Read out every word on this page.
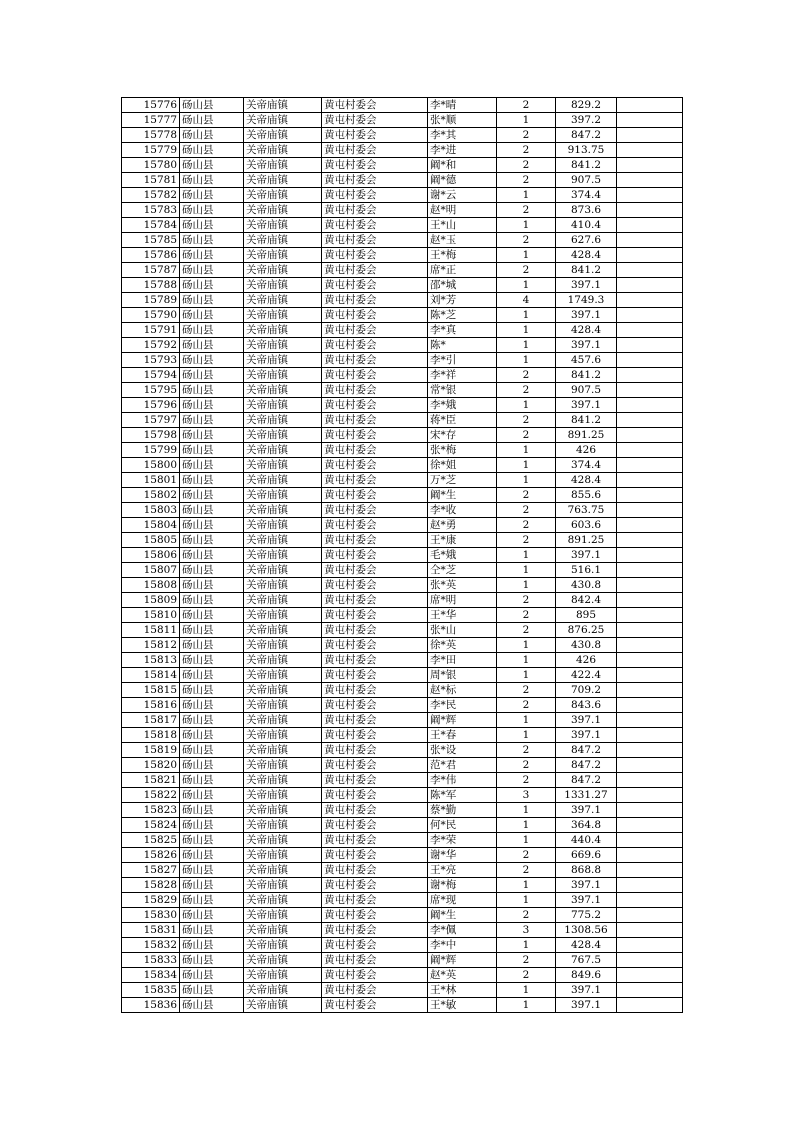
15776	砀山县	关帝庙镇	黄屯村委会	李*晴	2	829.2	
15777	砀山县	关帝庙镇	黄屯村委会	张*顺	1	397.2	
15778	砀山县	关帝庙镇	黄屯村委会	李*其	2	847.2	
15779	砀山县	关帝庙镇	黄屯村委会	李*进	2	913.75	
15780	砀山县	关帝庙镇	黄屯村委会	阚*和	2	841.2	
15781	砀山县	关帝庙镇	黄屯村委会	阚*德	2	907.5	
15782	砀山县	关帝庙镇	黄屯村委会	谢*云	1	374.4	
15783	砀山县	关帝庙镇	黄屯村委会	赵*明	2	873.6	
15784	砀山县	关帝庙镇	黄屯村委会	王*山	1	410.4	
15785	砀山县	关帝庙镇	黄屯村委会	赵*玉	2	627.6	
15786	砀山县	关帝庙镇	黄屯村委会	王*梅	1	428.4	
15787	砀山县	关帝庙镇	黄屯村委会	席*正	2	841.2	
15788	砀山县	关帝庙镇	黄屯村委会	邵*城	1	397.1	
15789	砀山县	关帝庙镇	黄屯村委会	刘*芳	4	1749.3	
15790	砀山县	关帝庙镇	黄屯村委会	陈*芝	1	397.1	
15791	砀山县	关帝庙镇	黄屯村委会	李*真	1	428.4	
15792	砀山县	关帝庙镇	黄屯村委会	陈*	1	397.1	
15793	砀山县	关帝庙镇	黄屯村委会	李*引	1	457.6	
15794	砀山县	关帝庙镇	黄屯村委会	李*祥	2	841.2	
15795	砀山县	关帝庙镇	黄屯村委会	常*银	2	907.5	
15796	砀山县	关帝庙镇	黄屯村委会	李*娥	1	397.1	
15797	砀山县	关帝庙镇	黄屯村委会	蒋*臣	2	841.2	
15798	砀山县	关帝庙镇	黄屯村委会	宋*存	2	891.25	
15799	砀山县	关帝庙镇	黄屯村委会	张*梅	1	426	
15800	砀山县	关帝庙镇	黄屯村委会	徐*姐	1	374.4	
15801	砀山县	关帝庙镇	黄屯村委会	万*芝	1	428.4	
15802	砀山县	关帝庙镇	黄屯村委会	阚*生	2	855.6	
15803	砀山县	关帝庙镇	黄屯村委会	李*收	2	763.75	
15804	砀山县	关帝庙镇	黄屯村委会	赵*勇	2	603.6	
15805	砀山县	关帝庙镇	黄屯村委会	王*康	2	891.25	
15806	砀山县	关帝庙镇	黄屯村委会	毛*娥	1	397.1	
15807	砀山县	关帝庙镇	黄屯村委会	仝*芝	1	516.1	
15808	砀山县	关帝庙镇	黄屯村委会	张*英	1	430.8	
15809	砀山县	关帝庙镇	黄屯村委会	席*明	2	842.4	
15810	砀山县	关帝庙镇	黄屯村委会	王*华	2	895	
15811	砀山县	关帝庙镇	黄屯村委会	张*山	2	876.25	
15812	砀山县	关帝庙镇	黄屯村委会	徐*英	1	430.8	
15813	砀山县	关帝庙镇	黄屯村委会	李*田	1	426	
15814	砀山县	关帝庙镇	黄屯村委会	周*银	1	422.4	
15815	砀山县	关帝庙镇	黄屯村委会	赵*标	2	709.2	
15816	砀山县	关帝庙镇	黄屯村委会	李*民	2	843.6	
15817	砀山县	关帝庙镇	黄屯村委会	阚*辉	1	397.1	
15818	砀山县	关帝庙镇	黄屯村委会	王*春	1	397.1	
15819	砀山县	关帝庙镇	黄屯村委会	张*设	2	847.2	
15820	砀山县	关帝庙镇	黄屯村委会	范*君	2	847.2	
15821	砀山县	关帝庙镇	黄屯村委会	李*伟	2	847.2	
15822	砀山县	关帝庙镇	黄屯村委会	陈*军	3	1331.27	
15823	砀山县	关帝庙镇	黄屯村委会	蔡*勤	1	397.1	
15824	砀山县	关帝庙镇	黄屯村委会	何*民	1	364.8	
15825	砀山县	关帝庙镇	黄屯村委会	李*荣	1	440.4	
15826	砀山县	关帝庙镇	黄屯村委会	谢*华	2	669.6	
15827	砀山县	关帝庙镇	黄屯村委会	王*亮	2	868.8	
15828	砀山县	关帝庙镇	黄屯村委会	谢*梅	1	397.1	
15829	砀山县	关帝庙镇	黄屯村委会	席*现	1	397.1	
15830	砀山县	关帝庙镇	黄屯村委会	阚*生	2	775.2	
15831	砀山县	关帝庙镇	黄屯村委会	李*佩	3	1308.56	
15832	砀山县	关帝庙镇	黄屯村委会	李*中	1	428.4	
15833	砀山县	关帝庙镇	黄屯村委会	阚*辉	2	767.5	
15834	砀山县	关帝庙镇	黄屯村委会	赵*英	2	849.6	
15835	砀山县	关帝庙镇	黄屯村委会	王*林	1	397.1	
15836	砀山县	关帝庙镇	黄屯村委会	王*敏	1	397.1	
